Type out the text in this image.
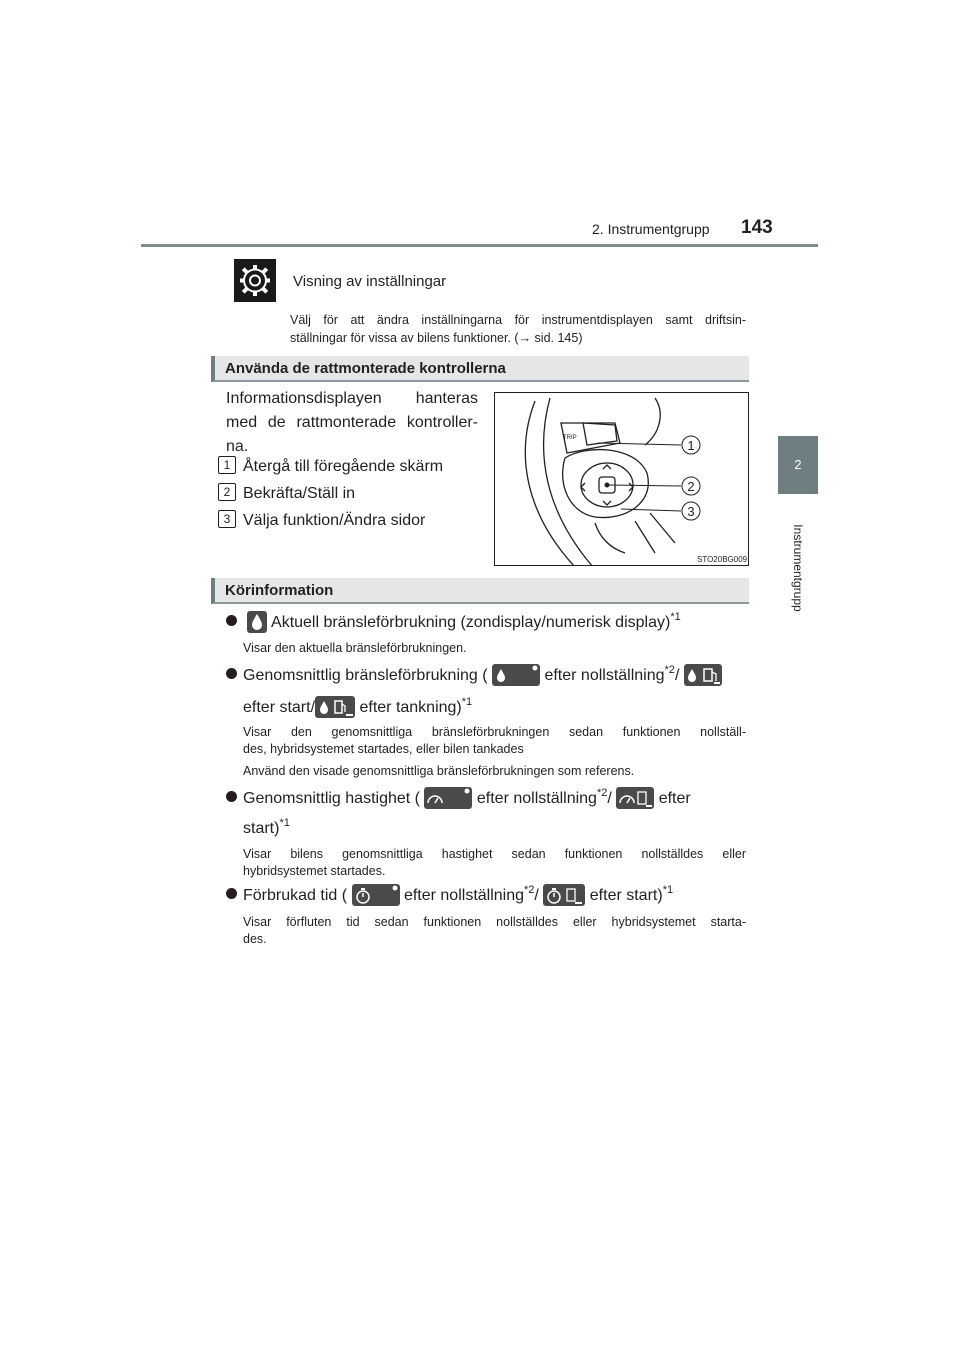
2. Instrumentgrupp 143
2
Instrumentgrupp
Visning av inställningar
Välj för att ändra inställningarna för instrumentdisplayen samt driftsin-
ställningar för vissa av bilens funktioner. (→ sid. 145)
Använda de rattmonterade kontrollerna
Informationsdisplayen hanteras
med de rattmonterade kontroller-
na.
1 Återgå till föregående skärm
2 Bekräfta/Ställ in
3 Välja funktion/Ändra sidor
TRIP	1
2
3
STO20BG009
Körinformation

Aktuell bränsleförbrukning (zondisplay/numerisk display)$^{*1}$
Visar den aktuella bränsleförbrukningen.
Genomsnittlig bränsleförbrukning (	efter nollställning$^{*2}$/
efter start/	efter tankning)$^{*1}$
Visar den genomsnittliga bränsleförbrukningen sedan funktionen nollställ-
des, hybridsystemet startades, eller bilen tankades
Använd den visade genomsnittliga bränsleförbrukningen som referens.
Genomsnittlig hastighet (	efter nollställning$^{*2}$/	efter
start)$^{*1}$
Visar bilens genomsnittliga hastighet sedan funktionen nollställdes eller
hybridsystemet startades.
Förbrukad tid (	efter nollställning$^{*2}$/	efter start)$^{*1}$
Visar förfluten tid sedan funktionen nollställdes eller hybridsystemet starta-
des.
